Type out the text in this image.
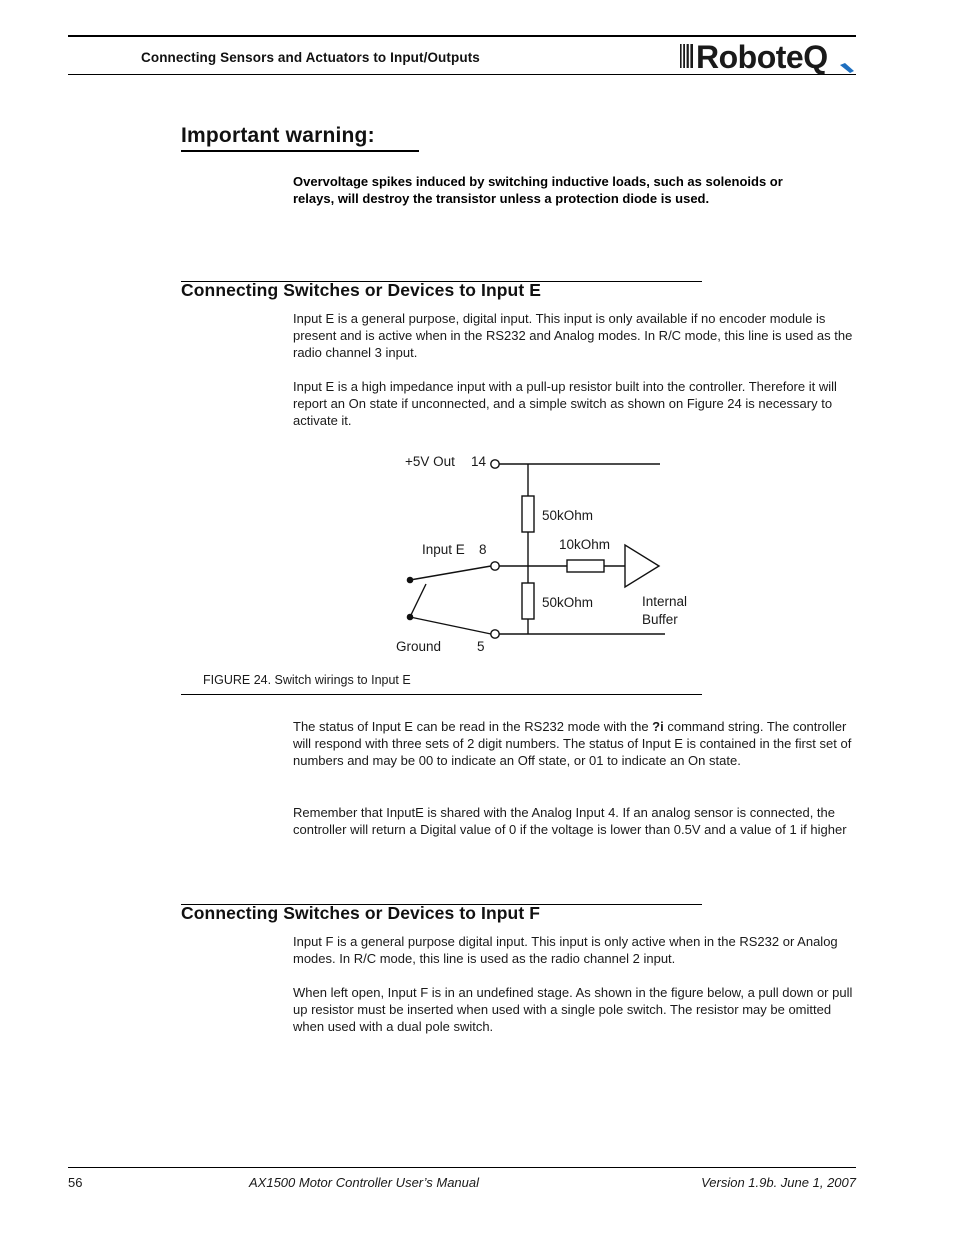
Connecting Sensors and Actuators to Input/Outputs	RoboteQ
Important warning:
Overvoltage spikes induced by switching inductive loads, such as solenoids or relays, will destroy the transistor unless a protection diode is used.
Connecting Switches or Devices to Input E
Input E is a general purpose, digital input. This input is only available if no encoder module is present and is active when in the RS232 and Analog modes. In R/C mode, this line is used as the radio channel 3 input.
Input E is a high impedance input with a pull-up resistor built into the controller. Therefore it will report an On state if unconnected, and a simple switch as shown on Figure 24 is necessary to activate it.
+5V Out 14
Input E 8
Ground	5
50kOhm
10kOhm
50kOhm	Internal
Buffer
FIGURE 24. Switch wirings to Input E
The status of Input E can be read in the RS232 mode with the ?i command string. The controller will respond with three sets of 2 digit numbers. The status of Input E is contained in the first set of numbers and may be 00 to indicate an Off state, or 01 to indicate an On state.
Remember that InputE is shared with the Analog Input 4. If an analog sensor is connected, the controller will return a Digital value of 0 if the voltage is lower than 0.5V and a value of 1 if higher
Connecting Switches or Devices to Input F
Input F is a general purpose digital input. This input is only active when in the RS232 or Analog modes. In R/C mode, this line is used as the radio channel 2 input.
When left open, Input F is in an undefined stage. As shown in the figure below, a pull down or pull up resistor must be inserted when used with a single pole switch. The resistor may be omitted when used with a dual pole switch.
56	AX1500 Motor Controller User’s Manual	Version 1.9b. June 1, 2007
